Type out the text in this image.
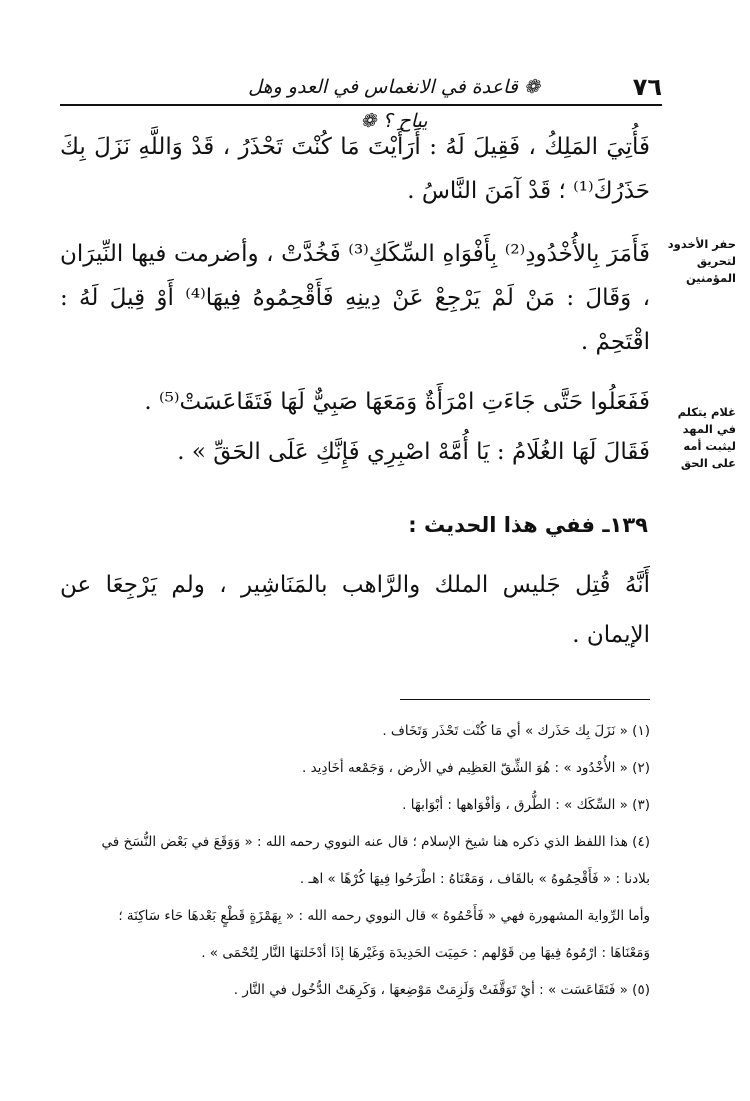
٧٦
❁ قاعدة في الانغماس في العدو وهل يباح ؟ ❁

فَأُتِيَ المَلِكُ ، فَقِيلَ لَهُ : أَرَأَيْتَ مَا كُنْتَ تَحْذَرُ ، قَدْ وَاللَّهِ نَزَلَ بِكَ حَذَرُكَ⁽¹⁾ ؛ قَدْ آمَنَ النَّاسُ .

فَأَمَرَ بِالأُخْدُودِ⁽²⁾ بِأَفْوَاهِ السِّكَكِ⁽³⁾ فَخُدَّتْ ، وأضرمت فيها النِّيرَان ، وَقَالَ : مَنْ لَمْ يَرْجِعْ عَنْ دِينِهِ فَأَقْحِمُوهُ فِيهَا⁽⁴⁾ أَوْ قِيلَ لَهُ : اقْتَحِمْ .

فَفَعَلُوا حَتَّى جَاءَتِ امْرَأَةٌ وَمَعَهَا صَبِيٌّ لَهَا فَتَقَاعَسَتْ⁽⁵⁾ .

فَقَالَ لَهَا الغُلَامُ : يَا أُمَّهْ اصْبِرِي فَإِنَّكِ عَلَى الحَقِّ » .

١٣٩ـ ففي هذا الحديث :

أَنَّهُ قُتِل جَليس الملك والرَّاهب بالمَنَاشِير ، ولم يَرْجِعَا عن الإيمان .

حفر الأخدود لتحريق المؤمنين
غلام يتكلم في المهد ليثبت أمه على الحق

(١) « نَزَلَ بِك حَذَرك » أي مَا كُنْت تَحْذَر وَتَخَاف .

(٢) « الأُخْدُود » : هُوَ الشِّقّ العَظِيم في الأرض ، وَجَمْعه أخَادِيد .

(٣) « السِّكَك » : الطُّرق ، وَأفْوَاهها : أبْوَابهَا .

(٤) هذا اللفظ الذي ذكره هنا شيخ الإسلام ؛ قال عنه النووي رحمه الله : « وَوَقَعَ في بَعْض النُّسَخ في

بلادنا : « فَأَقْحِمُوهُ » بالقَاف ، وَمَعْنَاهُ : اطْرَحُوا فِيهَا كُرْهًا » اهـ .

وأما الرِّواية المشهورة فهي « فَأَحْمُوهُ » قال النووي رحمه الله : « بِهَمْزَةٍ قَطْعٍ بَعْدهَا حَاء سَاكِنَة ؛

وَمَعْنَاهَا : ارْمُوهُ فِيهَا مِن قَوْلهم : حَمِيَت الحَدِيدَة وَغَيْرهَا إذَا أدْخَلتهَا النَّار لِتُحْمَى » .

(٥) « فَتَقَاعَسَت » : أيْ تَوَقَّفَتْ وَلَزِمَتْ مَوْضِعهَا ، وَكَرِهَتْ الدُّخُول في النَّار .
